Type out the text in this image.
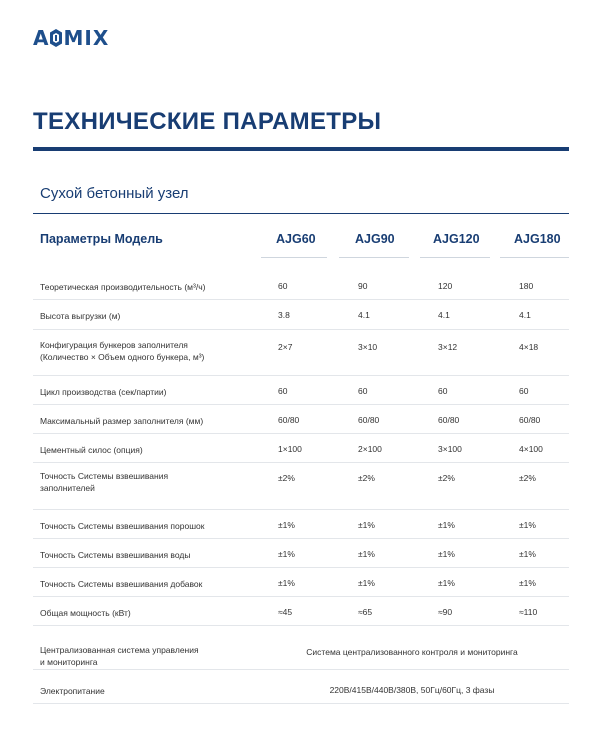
A MIX
ТЕХНИЧЕСКИЕ ПАРАМЕТРЫ
Сухой бетонный узел
Параметры Модель	AJG60	AJG90	AJG120	AJG180
Теоретическая производительность (м³/ч)	60	90	120	180
Высота выгрузки (м)	3.8	4.1	4.1	4.1
Конфигурация бункеров заполнителя
(Количество × Объем одного бункера, м³)
2×7	3×10	3×12	4×18
Цикл производства (сек/партии)	60	60	60	60
Максимальный размер заполнителя (мм)	60/80	60/80	60/80	60/80
Цементный силос (опция)	1×100	2×100	3×100	4×100
Точность Системы взвешивания
заполнителей
±2%	±2%	±2%	±2%
Точность Системы взвешивания порошок	±1%	±1%	±1%	±1%
Точность Системы взвешивания воды	±1%	±1%	±1%	±1%
Точность Системы взвешивания добавок	±1%	±1%	±1%	±1%
Общая мощность (кВт)	≈45	≈65	≈90	≈110
Централизованная система управления
и мониторинга
Система централизованного контроля и мониторинга
Электропитание	220В/415В/440В/380В, 50Гц/60Гц, 3 фазы
